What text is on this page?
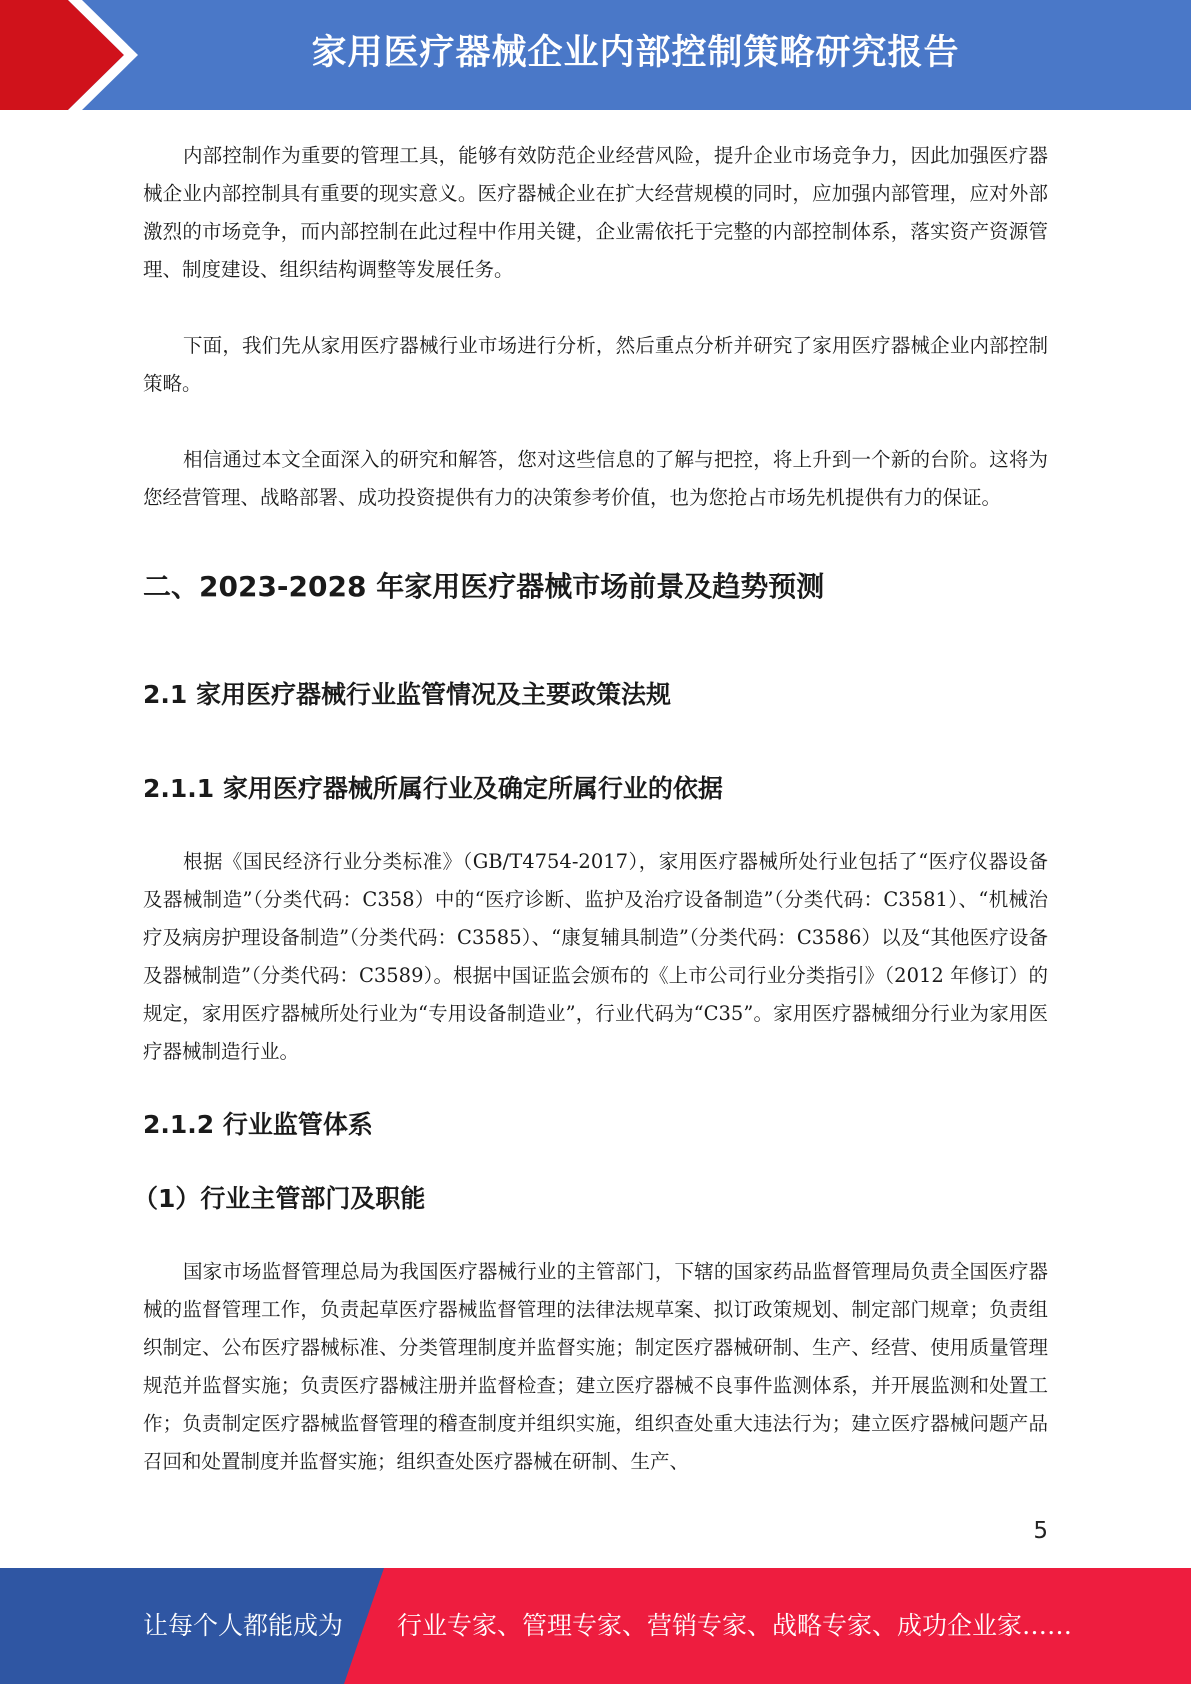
家用医疗器械企业内部控制策略研究报告

内部控制作为重要的管理工具，能够有效防范企业经营风险，提升企业市场竞争力，因此加强医疗器械企业内部控制具有重要的现实意义。医疗器械企业在扩大经营规模的同时，应加强内部管理，应对外部激烈的市场竞争，而内部控制在此过程中作用关键，企业需依托于完整的内部控制体系，落实资产资源管理、制度建设、组织结构调整等发展任务。

下面，我们先从家用医疗器械行业市场进行分析，然后重点分析并研究了家用医疗器械企业内部控制策略。

相信通过本文全面深入的研究和解答，您对这些信息的了解与把控，将上升到一个新的台阶。这将为您经营管理、战略部署、成功投资提供有力的决策参考价值，也为您抢占市场先机提供有力的保证。

二、2023-2028 年家用医疗器械市场前景及趋势预测
2.1 家用医疗器械行业监管情况及主要政策法规
2.1.1 家用医疗器械所属行业及确定所属行业的依据

根据《国民经济行业分类标准》（GB/T4754-2017），家用医疗器械所处行业包括了“医疗仪器设备及器械制造”（分类代码：C358）中的“医疗诊断、监护及治疗设备制造”（分类代码：C3581）、“机械治疗及病房护理设备制造”（分类代码：C3585）、“康复辅具制造”（分类代码：C3586）以及“其他医疗设备及器械制造”（分类代码：C3589）。根据中国证监会颁布的《上市公司行业分类指引》（2012 年修订）的规定，家用医疗器械所处行业为“专用设备制造业”，行业代码为“C35”。家用医疗器械细分行业为家用医疗器械制造行业。

2.1.2 行业监管体系
（1）行业主管部门及职能

国家市场监督管理总局为我国医疗器械行业的主管部门，下辖的国家药品监督管理局负责全国医疗器械的监督管理工作，负责起草医疗器械监督管理的法律法规草案、拟订政策规划、制定部门规章；负责组织制定、公布医疗器械标准、分类管理制度并监督实施；制定医疗器械研制、生产、经营、使用质量管理规范并监督实施；负责医疗器械注册并监督检查；建立医疗器械不良事件监测体系，并开展监测和处置工作；负责制定医疗器械监督管理的稽查制度并组织实施，组织查处重大违法行为；建立医疗器械问题产品召回和处置制度并监督实施；组织查处医疗器械在研制、生产、

5
让每个人都能成为 行业专家、管理专家、营销专家、战略专家、成功企业家……
